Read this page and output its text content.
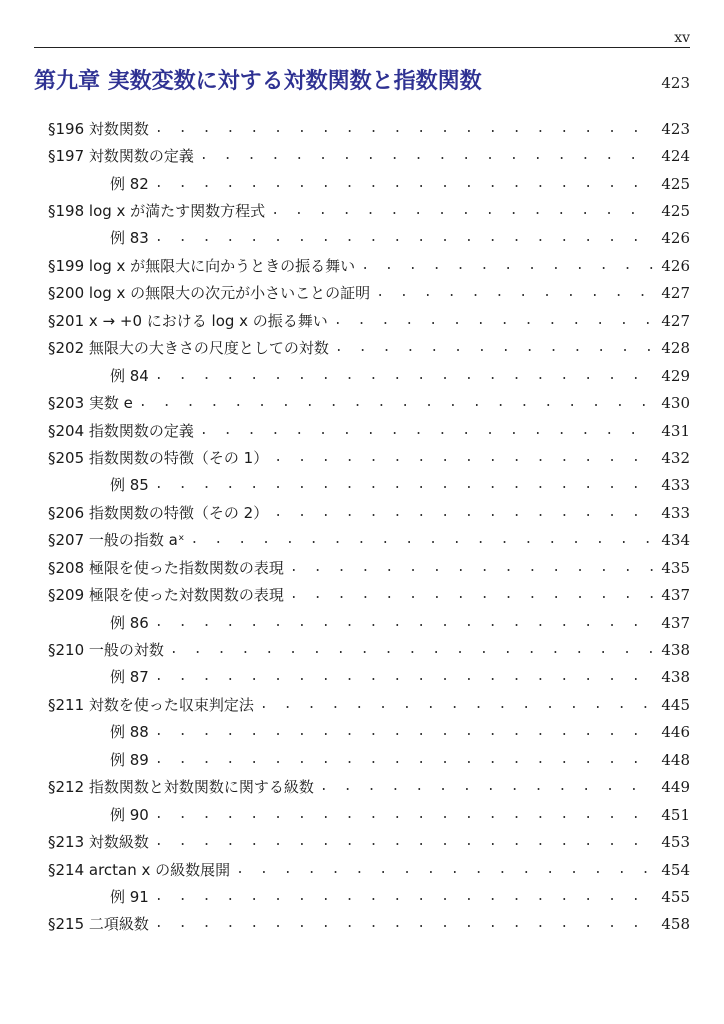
xv
第九章 実数変数に対する対数関数と指数関数	423
§196 対数関数 . . .	423
§197 対数関数の定義 . . .	424
例 82 . . .	425
§198 log x が満たす関数方程式 . . .	425
例 83 . . .	426
§199 log x が無限大に向かうときの振る舞い . . .	426
§200 log x の無限大の次元が小さいことの証明 . . .	427
§201 x → +0 における log x の振る舞い . . .	427
§202 無限大の大きさの尺度としての対数 . . .	428
例 84 . . .	429
§203 実数 e . . .	430
§204 指数関数の定義 . . .	431
§205 指数関数の特徴（その 1） . . .	432
例 85 . . .	433
§206 指数関数の特徴（その 2） . . .	433
§207 一般の指数 aˣ . . .	434
§208 極限を使った指数関数の表現 . . .	435
§209 極限を使った対数関数の表現 . . .	437
例 86 . . .	437
§210 一般の対数 . . .	438
例 87 . . .	438
§211 対数を使った収束判定法 . . .	445
例 88 . . .	446
例 89 . . .	448
§212 指数関数と対数関数に関する級数 . . .	449
例 90 . . .	451
§213 対数級数 . . .	453
§214 arctan x の級数展開 . . .	454
例 91 . . .	455
§215 二項級数 . . .	458
